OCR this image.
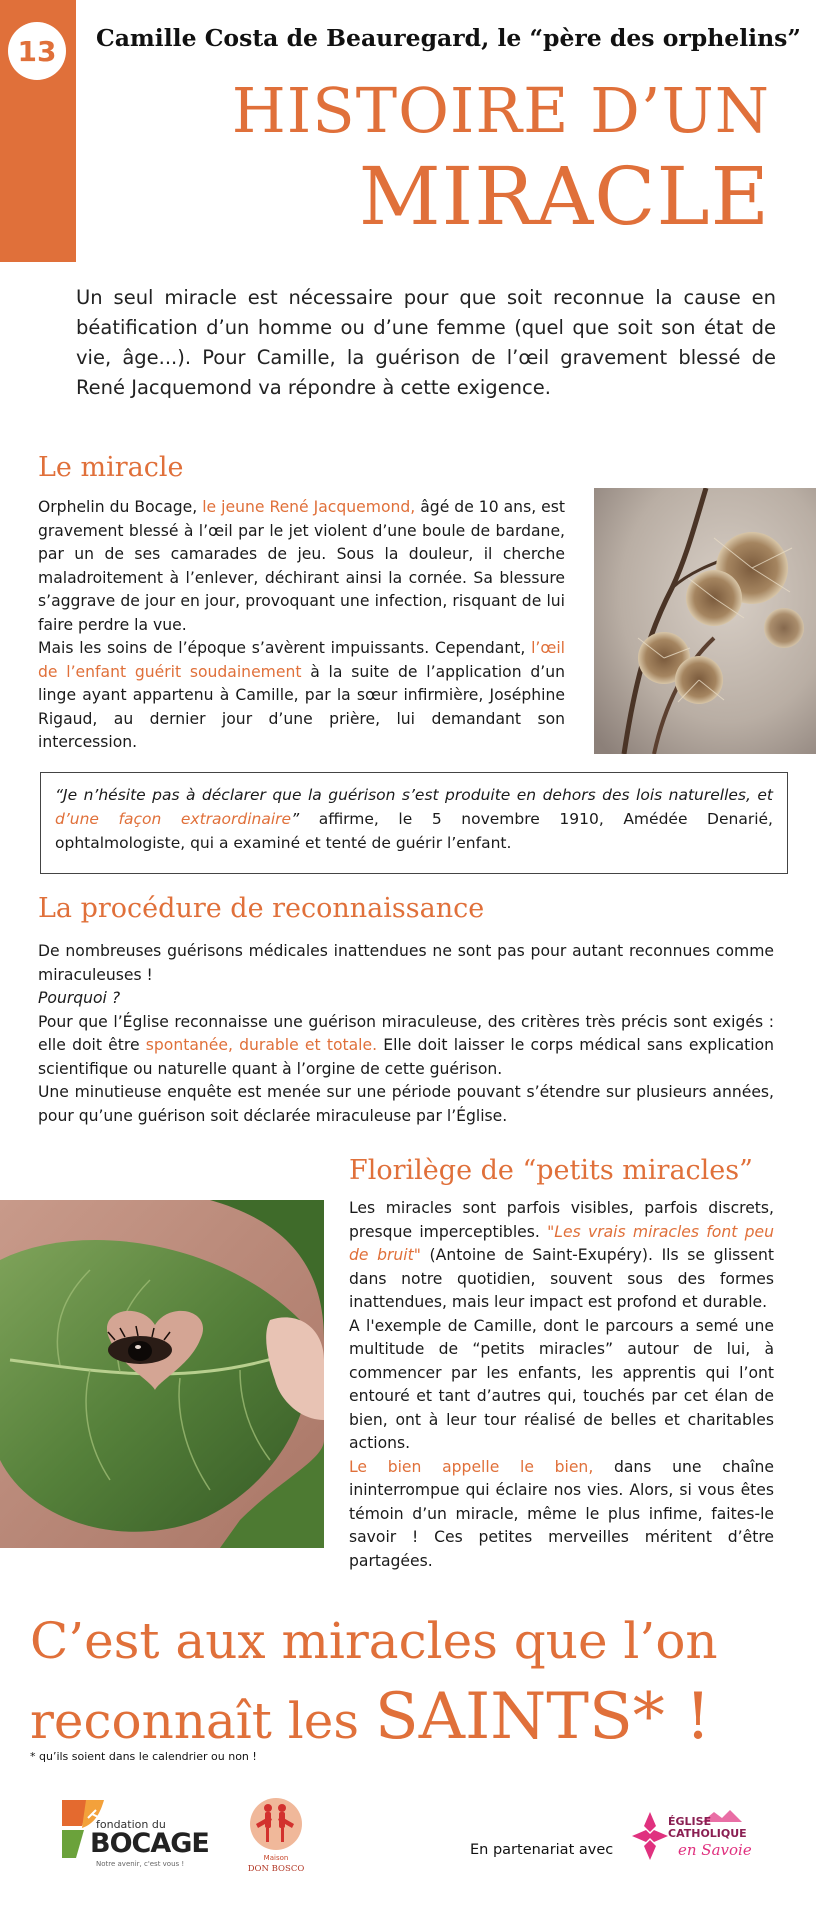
13	Camille Costa de Beauregard, le “père des orphelins”
HISTOIRE D’UN
MIRACLE

Un seul miracle est nécessaire pour que soit reconnue la cause en béatification d’un homme ou d’une femme (quel que soit son état de vie, âge...). Pour Camille, la guérison de l’œil gravement blessé de René Jacquemond va répondre à cette exigence.

Le miracle

Orphelin du Bocage, le jeune René Jacquemond, âgé de 10 ans, est gravement blessé à l’œil par le jet violent d’une boule de bardane, par un de ses camarades de jeu. Sous la douleur, il cherche maladroitement à l’enlever, déchirant ainsi la cornée. Sa blessure s’aggrave de jour en jour, provoquant une infection, risquant de lui faire perdre la vue.

Mais les soins de l’époque s’avèrent impuissants. Cependant, l’œil de l’enfant guérit soudainement à la suite de l’application d’un linge ayant appartenu à Camille, par la sœur infirmière, Joséphine Rigaud, au dernier jour d’une prière, lui demandant son intercession.

“Je n’hésite pas à déclarer que la guérison s’est produite en dehors des lois naturelles, et d’une façon extraordinaire” affirme, le 5 novembre 1910, Amédée Denarié, ophtalmologiste, qui a examiné et tenté de guérir l’enfant.
La procédure de reconnaissance

De nombreuses guérisons médicales inattendues ne sont pas pour autant reconnues comme miraculeuses !

Pourquoi ?

Pour que l’Église reconnaisse une guérison miraculeuse, des critères très précis sont exigés : elle doit être spontanée, durable et totale. Elle doit laisser le corps médical sans explication scientifique ou naturelle quant à l’orgine de cette guérison.

Une minutieuse enquête est menée sur une période pouvant s’étendre sur plusieurs années, pour qu’une guérison soit déclarée miraculeuse par l’Église.

Florilège de “petits miracles”

Les miracles sont parfois visibles, parfois discrets, presque imperceptibles. "Les vrais miracles font peu de bruit" (Antoine de Saint-Exupéry). Ils se glissent dans notre quotidien, souvent sous des formes inattendues, mais leur impact est profond et durable.

A l'exemple de Camille, dont le parcours a semé une multitude de “petits miracles” autour de lui, à commencer par les enfants, les apprentis qui l’ont entouré et tant d’autres qui, touchés par cet élan de bien, ont à leur tour réalisé de belles et charitables actions.

Le bien appelle le bien, dans une chaîne ininterrompue qui éclaire nos vies. Alors, si vous êtes témoin d’un miracle, même le plus infime, faites-le savoir ! Ces petites merveilles méritent d’être partagées.

C’est aux miracles que l’on
reconnaît les SAINTS* !
* qu’ils soient dans le calendrier ou non !
fondation du
BOCAGE
Notre avenir, c'est vous !
Maison
DON BOSCO
En partenariat avec
ÉGLISE
CATHOLIQUE
en Savoie
